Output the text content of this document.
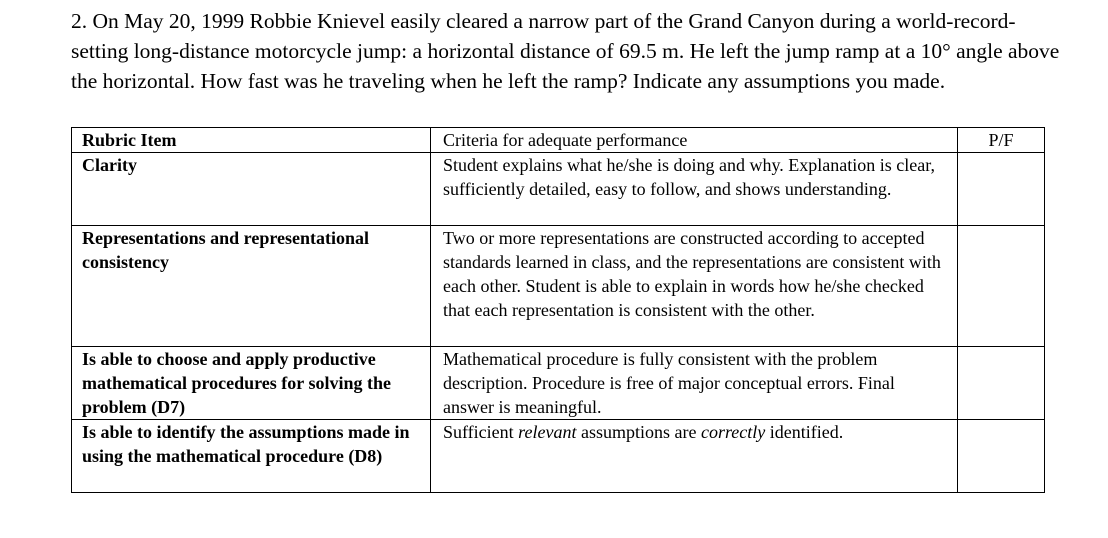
2. On May 20, 1999 Robbie Knievel easily cleared a narrow part of the Grand Canyon during a world-record-setting long-distance motorcycle jump: a horizontal distance of 69.5 m. He left the jump ramp at a 10° angle above the horizontal. How fast was he traveling when he left the ramp? Indicate any assumptions you made.

Rubric Item	Criteria for adequate performance	P/F
Clarity	Student explains what he/she is doing and why. Explanation is clear, sufficiently detailed, easy to follow, and shows understanding.	
Representations and representational consistency	Two or more representations are constructed according to accepted standards learned in class, and the representations are consistent with each other. Student is able to explain in words how he/she checked that each representation is consistent with the other.	
Is able to choose and apply productive mathematical procedures for solving the problem (D7)	Mathematical procedure is fully consistent with the problem description. Procedure is free of major conceptual errors. Final answer is meaningful.	
Is able to identify the assumptions made in using the mathematical procedure (D8)	Sufficient relevant assumptions are correctly identified.	
